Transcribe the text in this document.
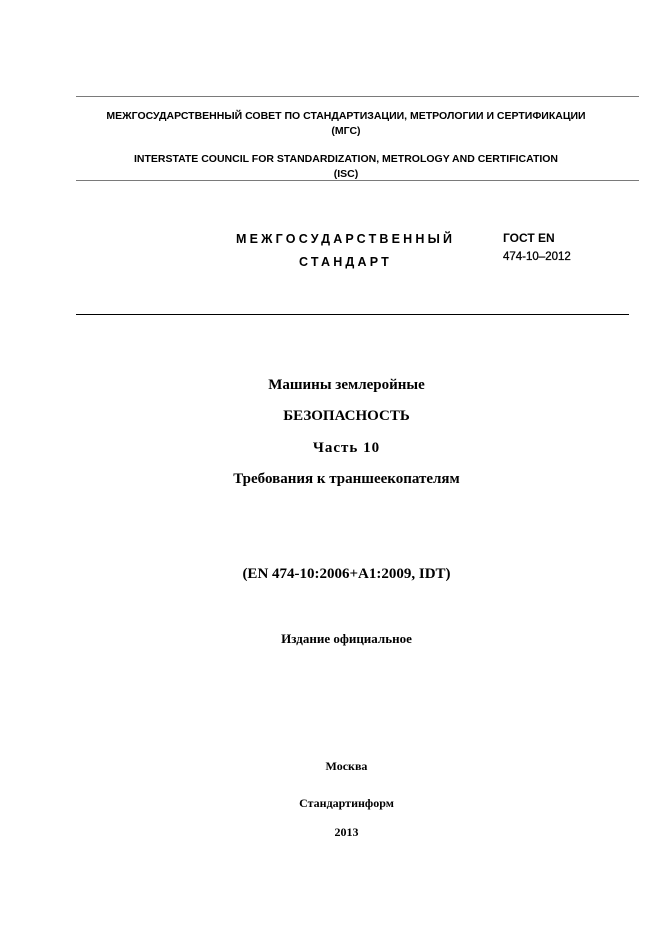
МЕЖГОСУДАРСТВЕННЫЙ СОВЕТ ПО СТАНДАРТИЗАЦИИ, МЕТРОЛОГИИ И СЕРТИФИКАЦИИ
(МГС)
INTERSTATE COUNCIL FOR STANDARDIZATION, METROLOGY AND CERTIFICATION
(ISC)
МЕЖГОСУДАРСТВЕННЫЙ
СТАНДАРТ
ГОСТ EN
474-10–2012
Машины землеройные
БЕЗОПАСНОСТЬ
Часть 10
Требования к траншеекопателям
(EN 474-10:2006+A1:2009, IDT)
Издание официальное
Москва
Стандартинформ
2013
